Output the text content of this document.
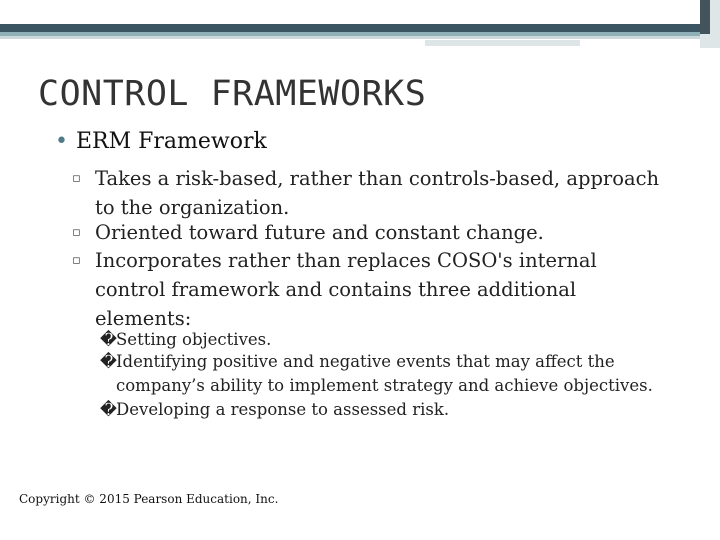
CONTROL FRAMEWORKS
• ERM Framework
▫ Takes a risk-based, rather than controls-based, approach to the organization.
▫ Oriented toward future and constant change.
▫ Incorporates rather than replaces COSO's internal control framework and contains three additional elements:
� Setting objectives.
� Identifying positive and negative events that may affect the company’s ability to implement strategy and achieve objectives.
� Developing a response to assessed risk.
Copyright © 2015 Pearson Education, Inc.
